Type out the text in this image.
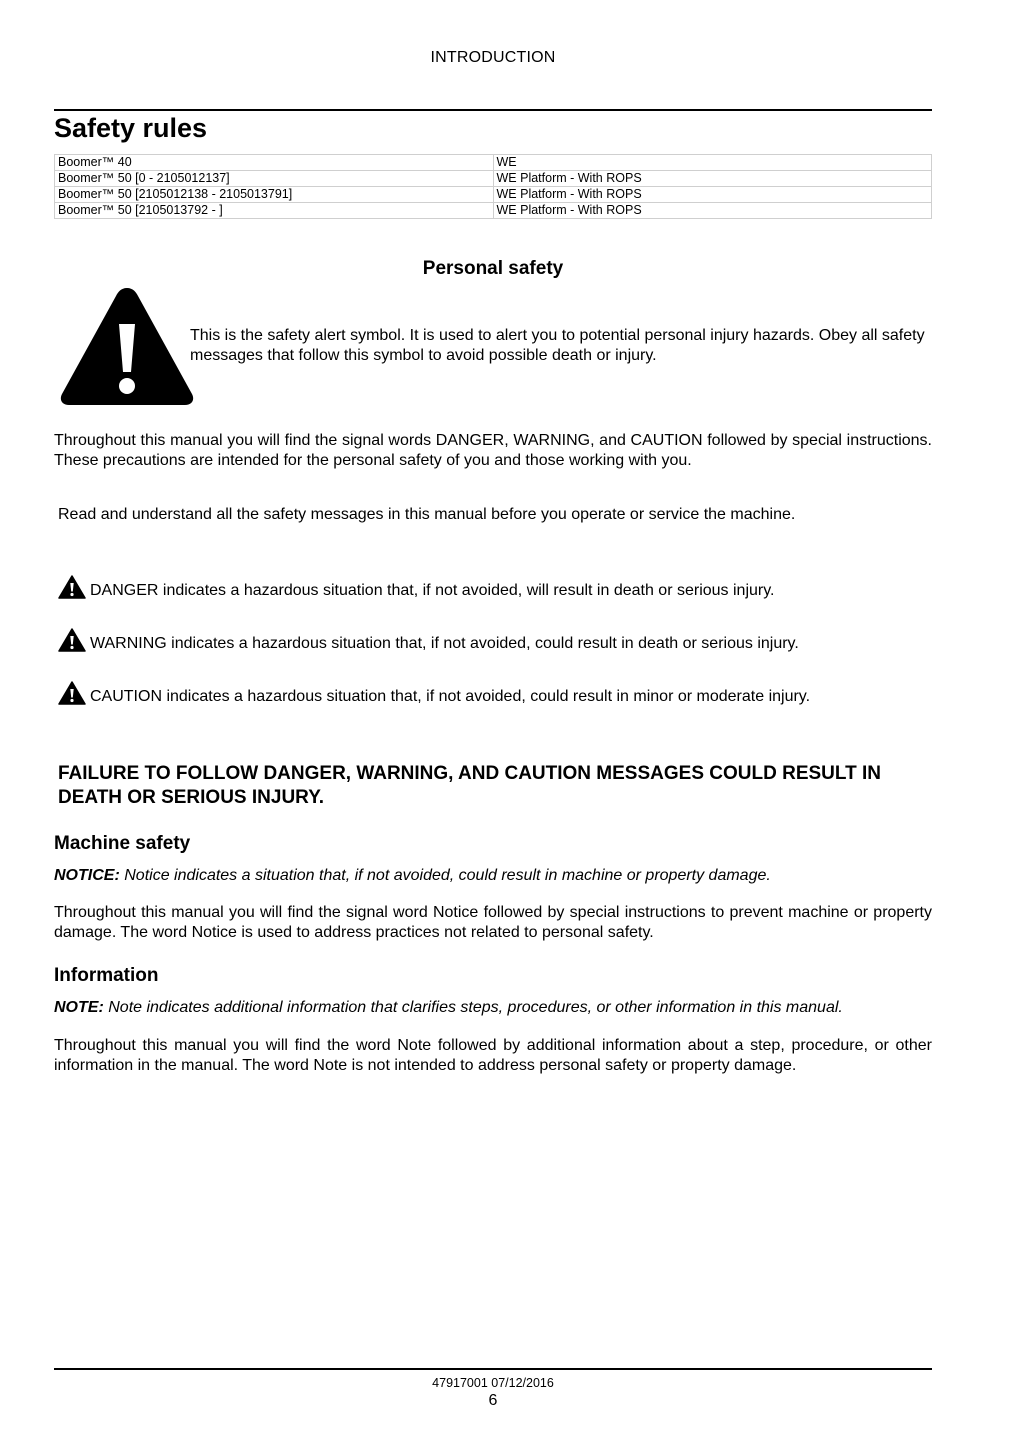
INTRODUCTION
Safety rules
Boomer™ 40	WE
Boomer™ 50 [0 - 2105012137]	WE Platform - With ROPS
Boomer™ 50 [2105012138 - 2105013791]	WE Platform - With ROPS
Boomer™ 50 [2105013792 - ]	WE Platform - With ROPS
Personal safety
This is the safety alert symbol. It is used to alert you to potential personal injury hazards. Obey all safety messages that follow this symbol to avoid possible death or injury.
Throughout this manual you will find the signal words DANGER, WARNING, and CAUTION followed by special instructions. These precautions are intended for the personal safety of you and those working with you.
Read and understand all the safety messages in this manual before you operate or service the machine.
DANGER indicates a hazardous situation that, if not avoided, will result in death or serious injury.
WARNING indicates a hazardous situation that, if not avoided, could result in death or serious injury.
CAUTION indicates a hazardous situation that, if not avoided, could result in minor or moderate injury.
FAILURE TO FOLLOW DANGER, WARNING, AND CAUTION MESSAGES COULD RESULT IN DEATH OR SERIOUS INJURY.
Machine safety
NOTICE: Notice indicates a situation that, if not avoided, could result in machine or property damage.
Throughout this manual you will find the signal word Notice followed by special instructions to prevent machine or property damage. The word Notice is used to address practices not related to personal safety.
Information
NOTE: Note indicates additional information that clarifies steps, procedures, or other information in this manual.
Throughout this manual you will find the word Note followed by additional information about a step, procedure, or other information in the manual. The word Note is not intended to address personal safety or property damage.
47917001 07/12/2016
6
